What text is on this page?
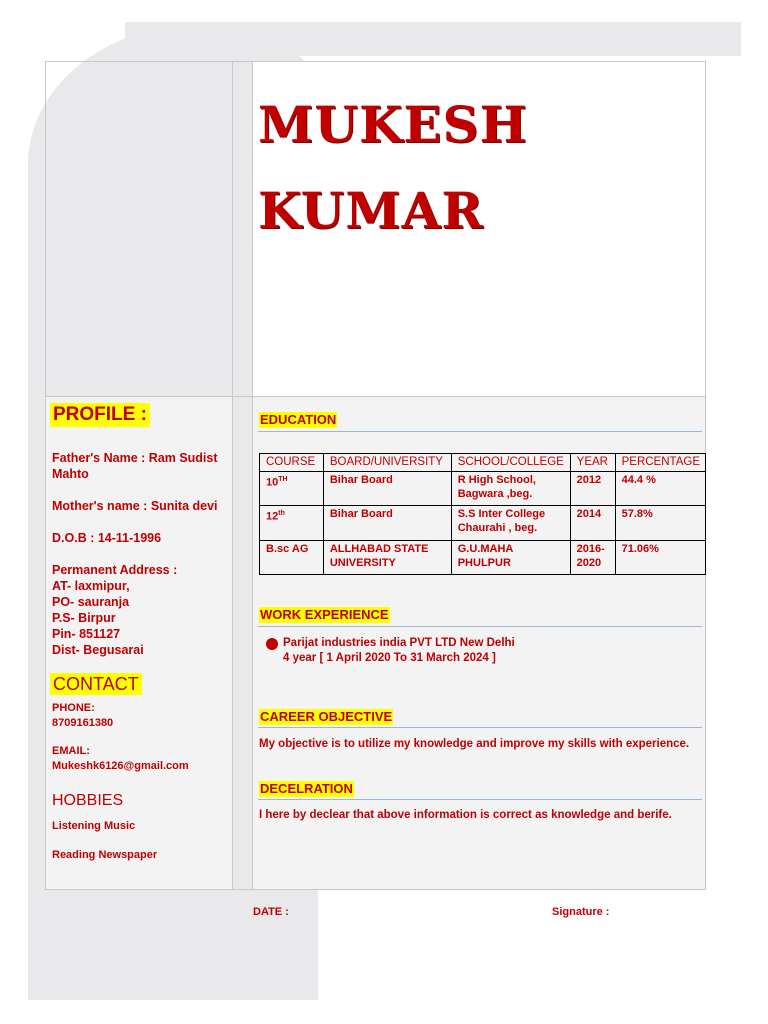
MUKESH
KUMAR
PROFILE :
Father's Name : Ram Sudist
Mahto
Mother's name : Sunita devi
D.O.B : 14-11-1996
Permanent Address :
AT- laxmipur,
PO- sauranja
P.S- Birpur
Pin- 851127
Dist- Begusarai
CONTACT
PHONE:
8709161380
EMAIL:
Mukeshk6126@gmail.com
HOBBIES
Listening Music
Reading Newspaper
EDUCATION
COURSE	BOARD/UNIVERSITY	SCHOOL/COLLEGE	YEAR	PERCENTAGE
10TH	Bihar Board	R High School, Bagwara ,beg.	2012	44.4 %
12th	Bihar Board	S.S Inter College Chaurahi , beg.	2014	57.8%
B.sc AG	ALLHABAD STATE UNIVERSITY	G.U.MAHA PHULPUR	2016-2020	71.06%
WORK EXPERIENCE
Parijat industries india PVT LTD New Delhi
4 year [ 1 April 2020 To 31 March 2024 ]
CAREER OBJECTIVE
My objective is to utilize my knowledge and improve my skills with experience.
DECELRATION
I here by declear that above information is correct as knowledge and berife.
DATE :	Signature :
